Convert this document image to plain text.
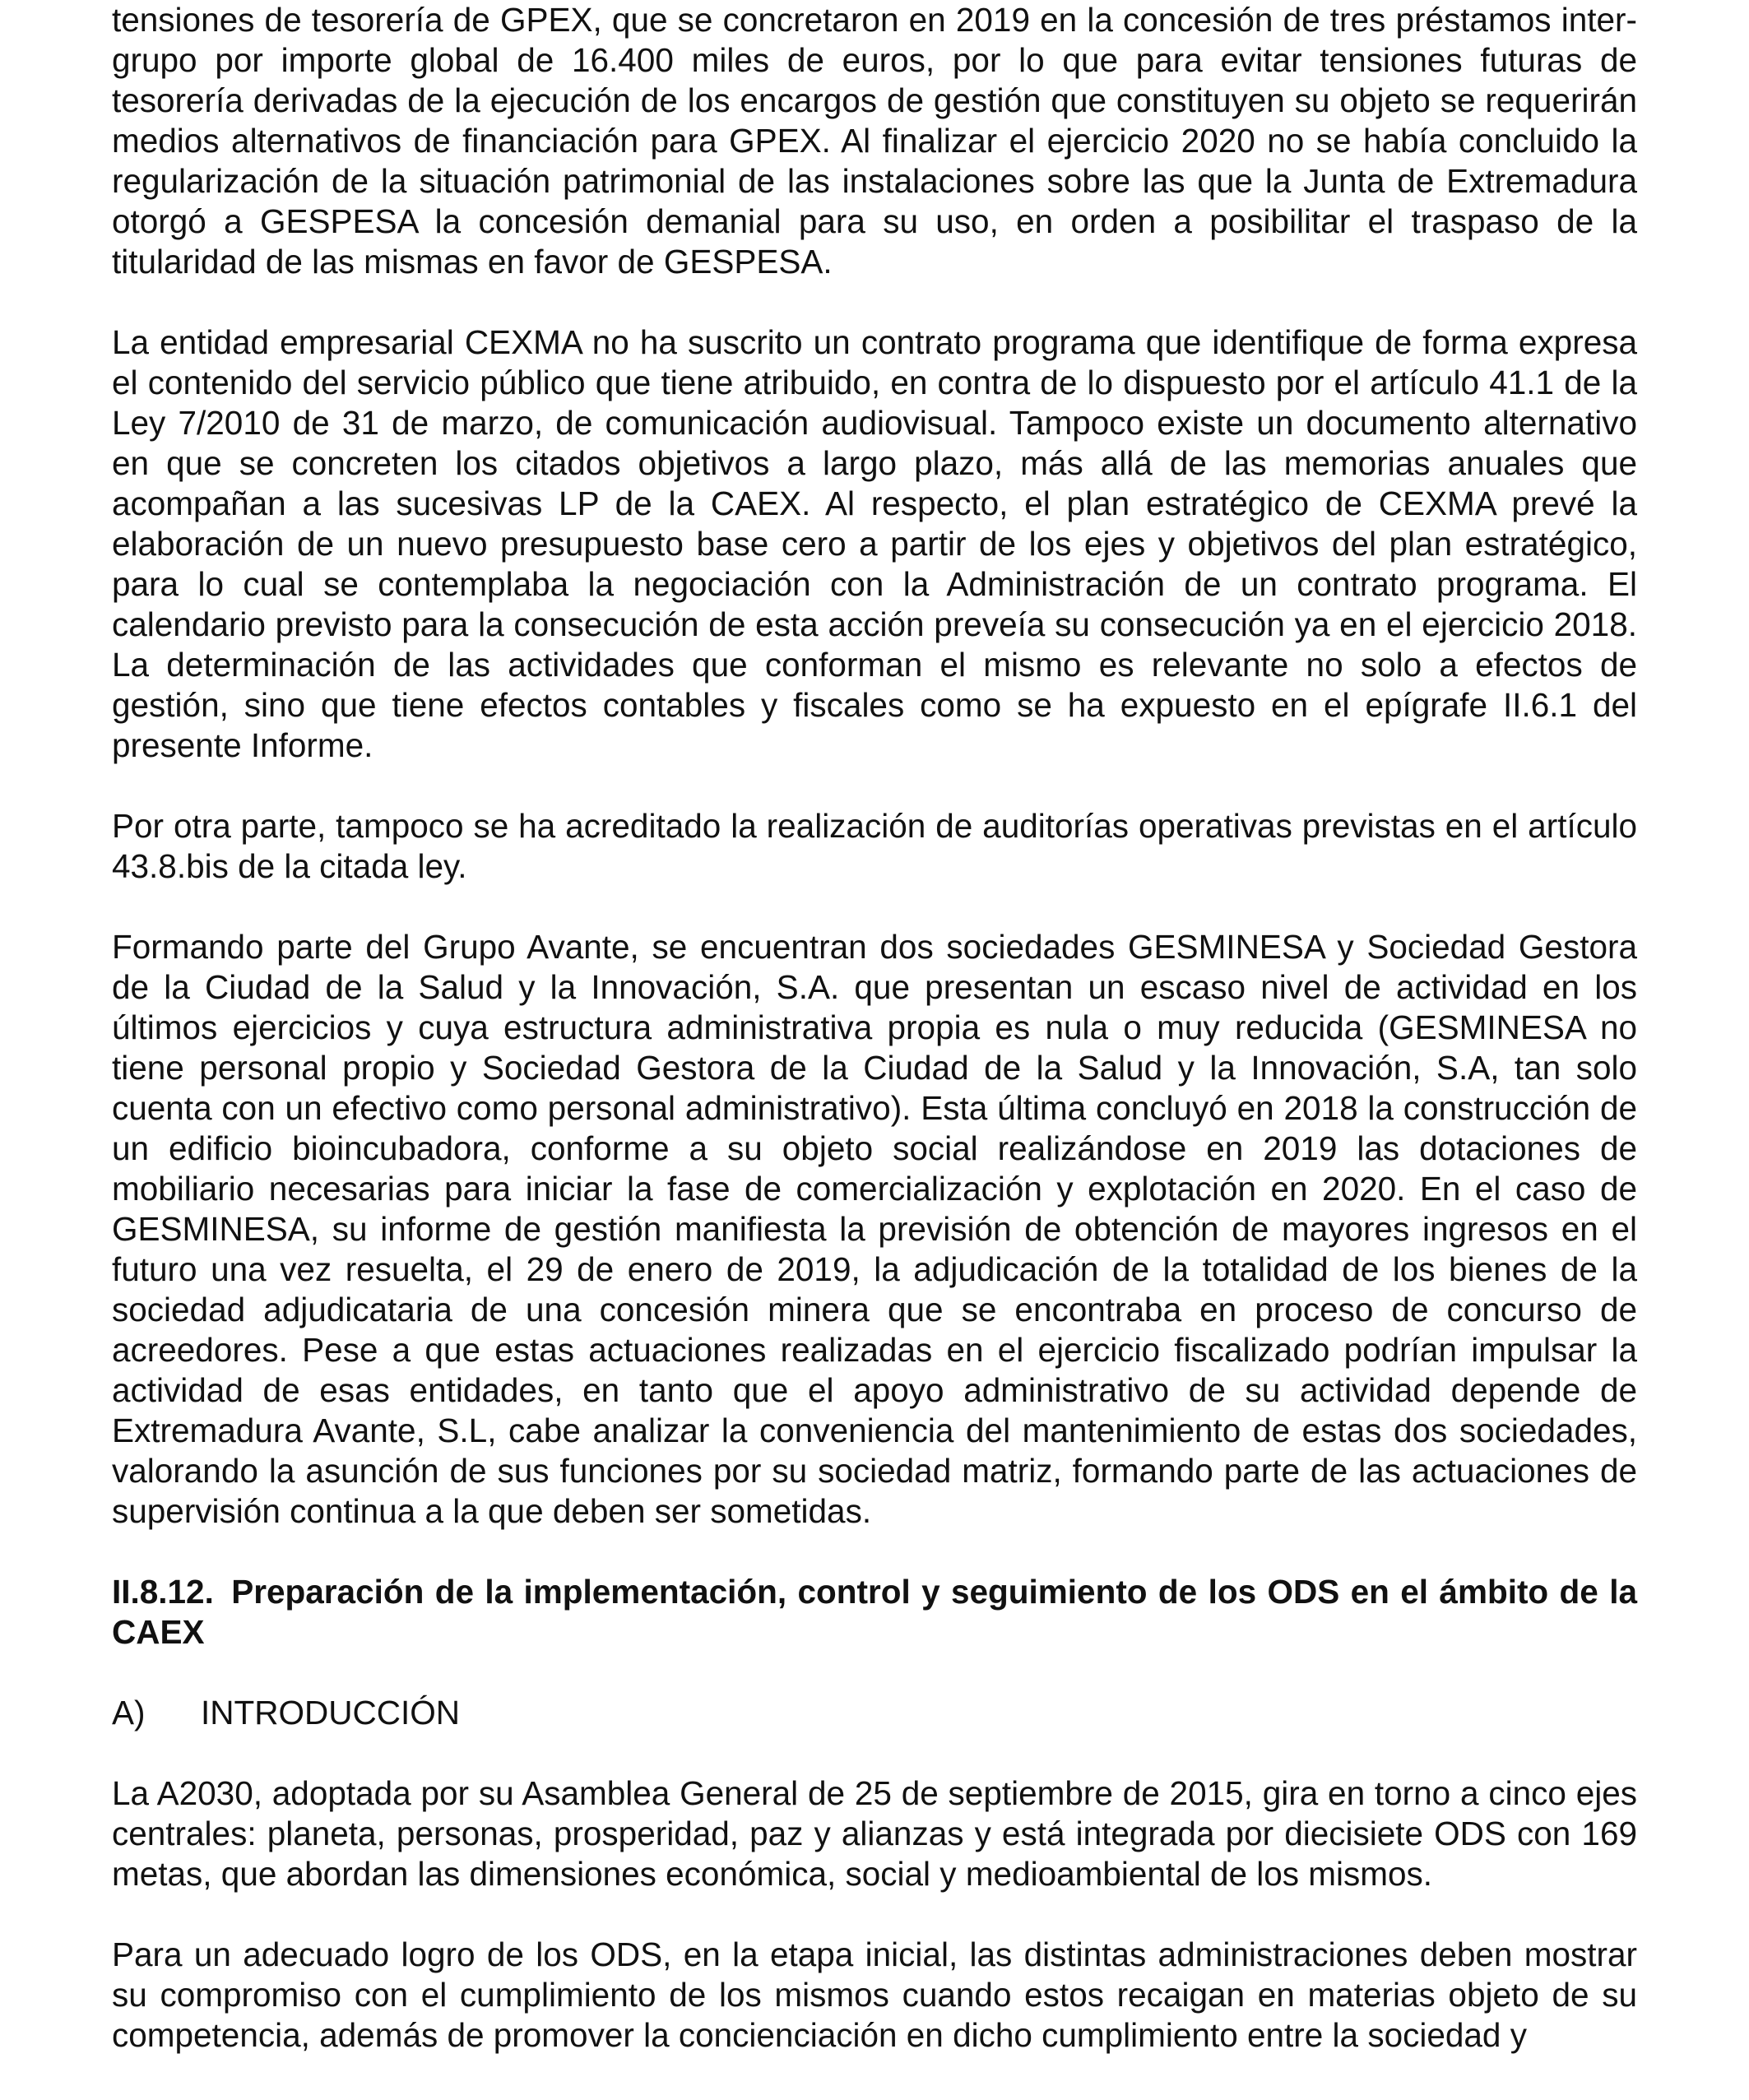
tensiones de tesorería de GPEX, que se concretaron en 2019 en la concesión de tres préstamos inter-grupo por importe global de 16.400 miles de euros, por lo que para evitar tensiones futuras de tesorería derivadas de la ejecución de los encargos de gestión que constituyen su objeto se requerirán medios alternativos de financiación para GPEX. Al finalizar el ejercicio 2020 no se había concluido la regularización de la situación patrimonial de las instalaciones sobre las que la Junta de Extremadura otorgó a GESPESA la concesión demanial para su uso, en orden a posibilitar el traspaso de la titularidad de las mismas en favor de GESPESA.

La entidad empresarial CEXMA no ha suscrito un contrato programa que identifique de forma expresa el contenido del servicio público que tiene atribuido, en contra de lo dispuesto por el artículo 41.1 de la Ley 7/2010 de 31 de marzo, de comunicación audiovisual. Tampoco existe un documento alternativo en que se concreten los citados objetivos a largo plazo, más allá de las memorias anuales que acompañan a las sucesivas LP de la CAEX. Al respecto, el plan estratégico de CEXMA prevé la elaboración de un nuevo presupuesto base cero a partir de los ejes y objetivos del plan estratégico, para lo cual se contemplaba la negociación con la Administración de un contrato programa. El calendario previsto para la consecución de esta acción preveía su consecución ya en el ejercicio 2018. La determinación de las actividades que conforman el mismo es relevante no solo a efectos de gestión, sino que tiene efectos contables y fiscales como se ha expuesto en el epígrafe II.6.1 del presente Informe.

Por otra parte, tampoco se ha acreditado la realización de auditorías operativas previstas en el artículo 43.8.bis de la citada ley.

Formando parte del Grupo Avante, se encuentran dos sociedades GESMINESA y Sociedad Gestora de la Ciudad de la Salud y la Innovación, S.A. que presentan un escaso nivel de actividad en los últimos ejercicios y cuya estructura administrativa propia es nula o muy reducida (GESMINESA no tiene personal propio y Sociedad Gestora de la Ciudad de la Salud y la Innovación, S.A, tan solo cuenta con un efectivo como personal administrativo). Esta última concluyó en 2018 la construcción de un edificio bioincubadora, conforme a su objeto social realizándose en 2019 las dotaciones de mobiliario necesarias para iniciar la fase de comercialización y explotación en 2020. En el caso de GESMINESA, su informe de gestión manifiesta la previsión de obtención de mayores ingresos en el futuro una vez resuelta, el 29 de enero de 2019, la adjudicación de la totalidad de los bienes de la sociedad adjudicataria de una concesión minera que se encontraba en proceso de concurso de acreedores. Pese a que estas actuaciones realizadas en el ejercicio fiscalizado podrían impulsar la actividad de esas entidades, en tanto que el apoyo administrativo de su actividad depende de Extremadura Avante, S.L, cabe analizar la conveniencia del mantenimiento de estas dos sociedades, valorando la asunción de sus funciones por su sociedad matriz, formando parte de las actuaciones de supervisión continua a la que deben ser sometidas.

II.8.12. Preparación de la implementación, control y seguimiento de los ODS en el ámbito de la CAEX

A) INTRODUCCIÓN

La A2030, adoptada por su Asamblea General de 25 de septiembre de 2015, gira en torno a cinco ejes centrales: planeta, personas, prosperidad, paz y alianzas y está integrada por diecisiete ODS con 169 metas, que abordan las dimensiones económica, social y medioambiental de los mismos.

Para un adecuado logro de los ODS, en la etapa inicial, las distintas administraciones deben mostrar su compromiso con el cumplimiento de los mismos cuando estos recaigan en materias objeto de su competencia, además de promover la concienciación en dicho cumplimiento entre la sociedad y
